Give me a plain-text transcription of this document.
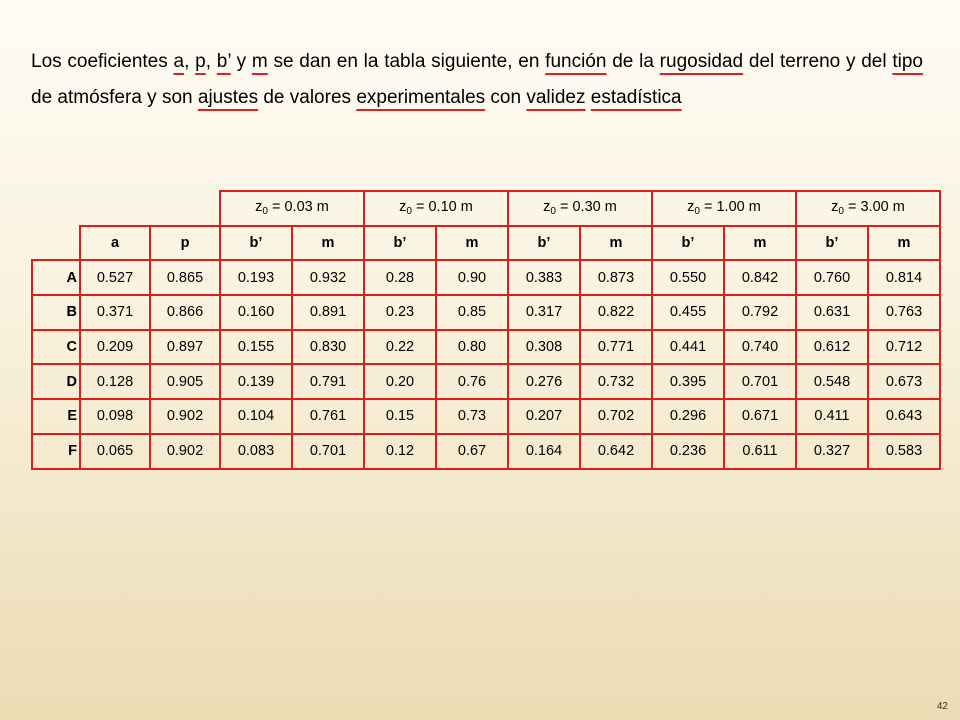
Los coeficientes a, p, b’ y m se dan en la tabla siguiente, en función de la rugosidad del terreno y del tipo de atmósfera y son ajustes de valores experimentales con validez estadística

			$z_0 = 0.03$ m		$z_0 = 0.10$ m		$z_0 = 0.30$ m		$z_0 = 1.00$ m		$z_0 = 3.00$ m	
	a	p	b’	m	b’	m	b’	m	b’	m	b’	m
A	0.527	0.865	0.193	0.932	0.28	0.90	0.383	0.873	0.550	0.842	0.760	0.814
B	0.371	0.866	0.160	0.891	0.23	0.85	0.317	0.822	0.455	0.792	0.631	0.763
C	0.209	0.897	0.155	0.830	0.22	0.80	0.308	0.771	0.441	0.740	0.612	0.712
D	0.128	0.905	0.139	0.791	0.20	0.76	0.276	0.732	0.395	0.701	0.548	0.673
E	0.098	0.902	0.104	0.761	0.15	0.73	0.207	0.702	0.296	0.671	0.411	0.643
F	0.065	0.902	0.083	0.701	0.12	0.67	0.164	0.642	0.236	0.611	0.327	0.583
42
